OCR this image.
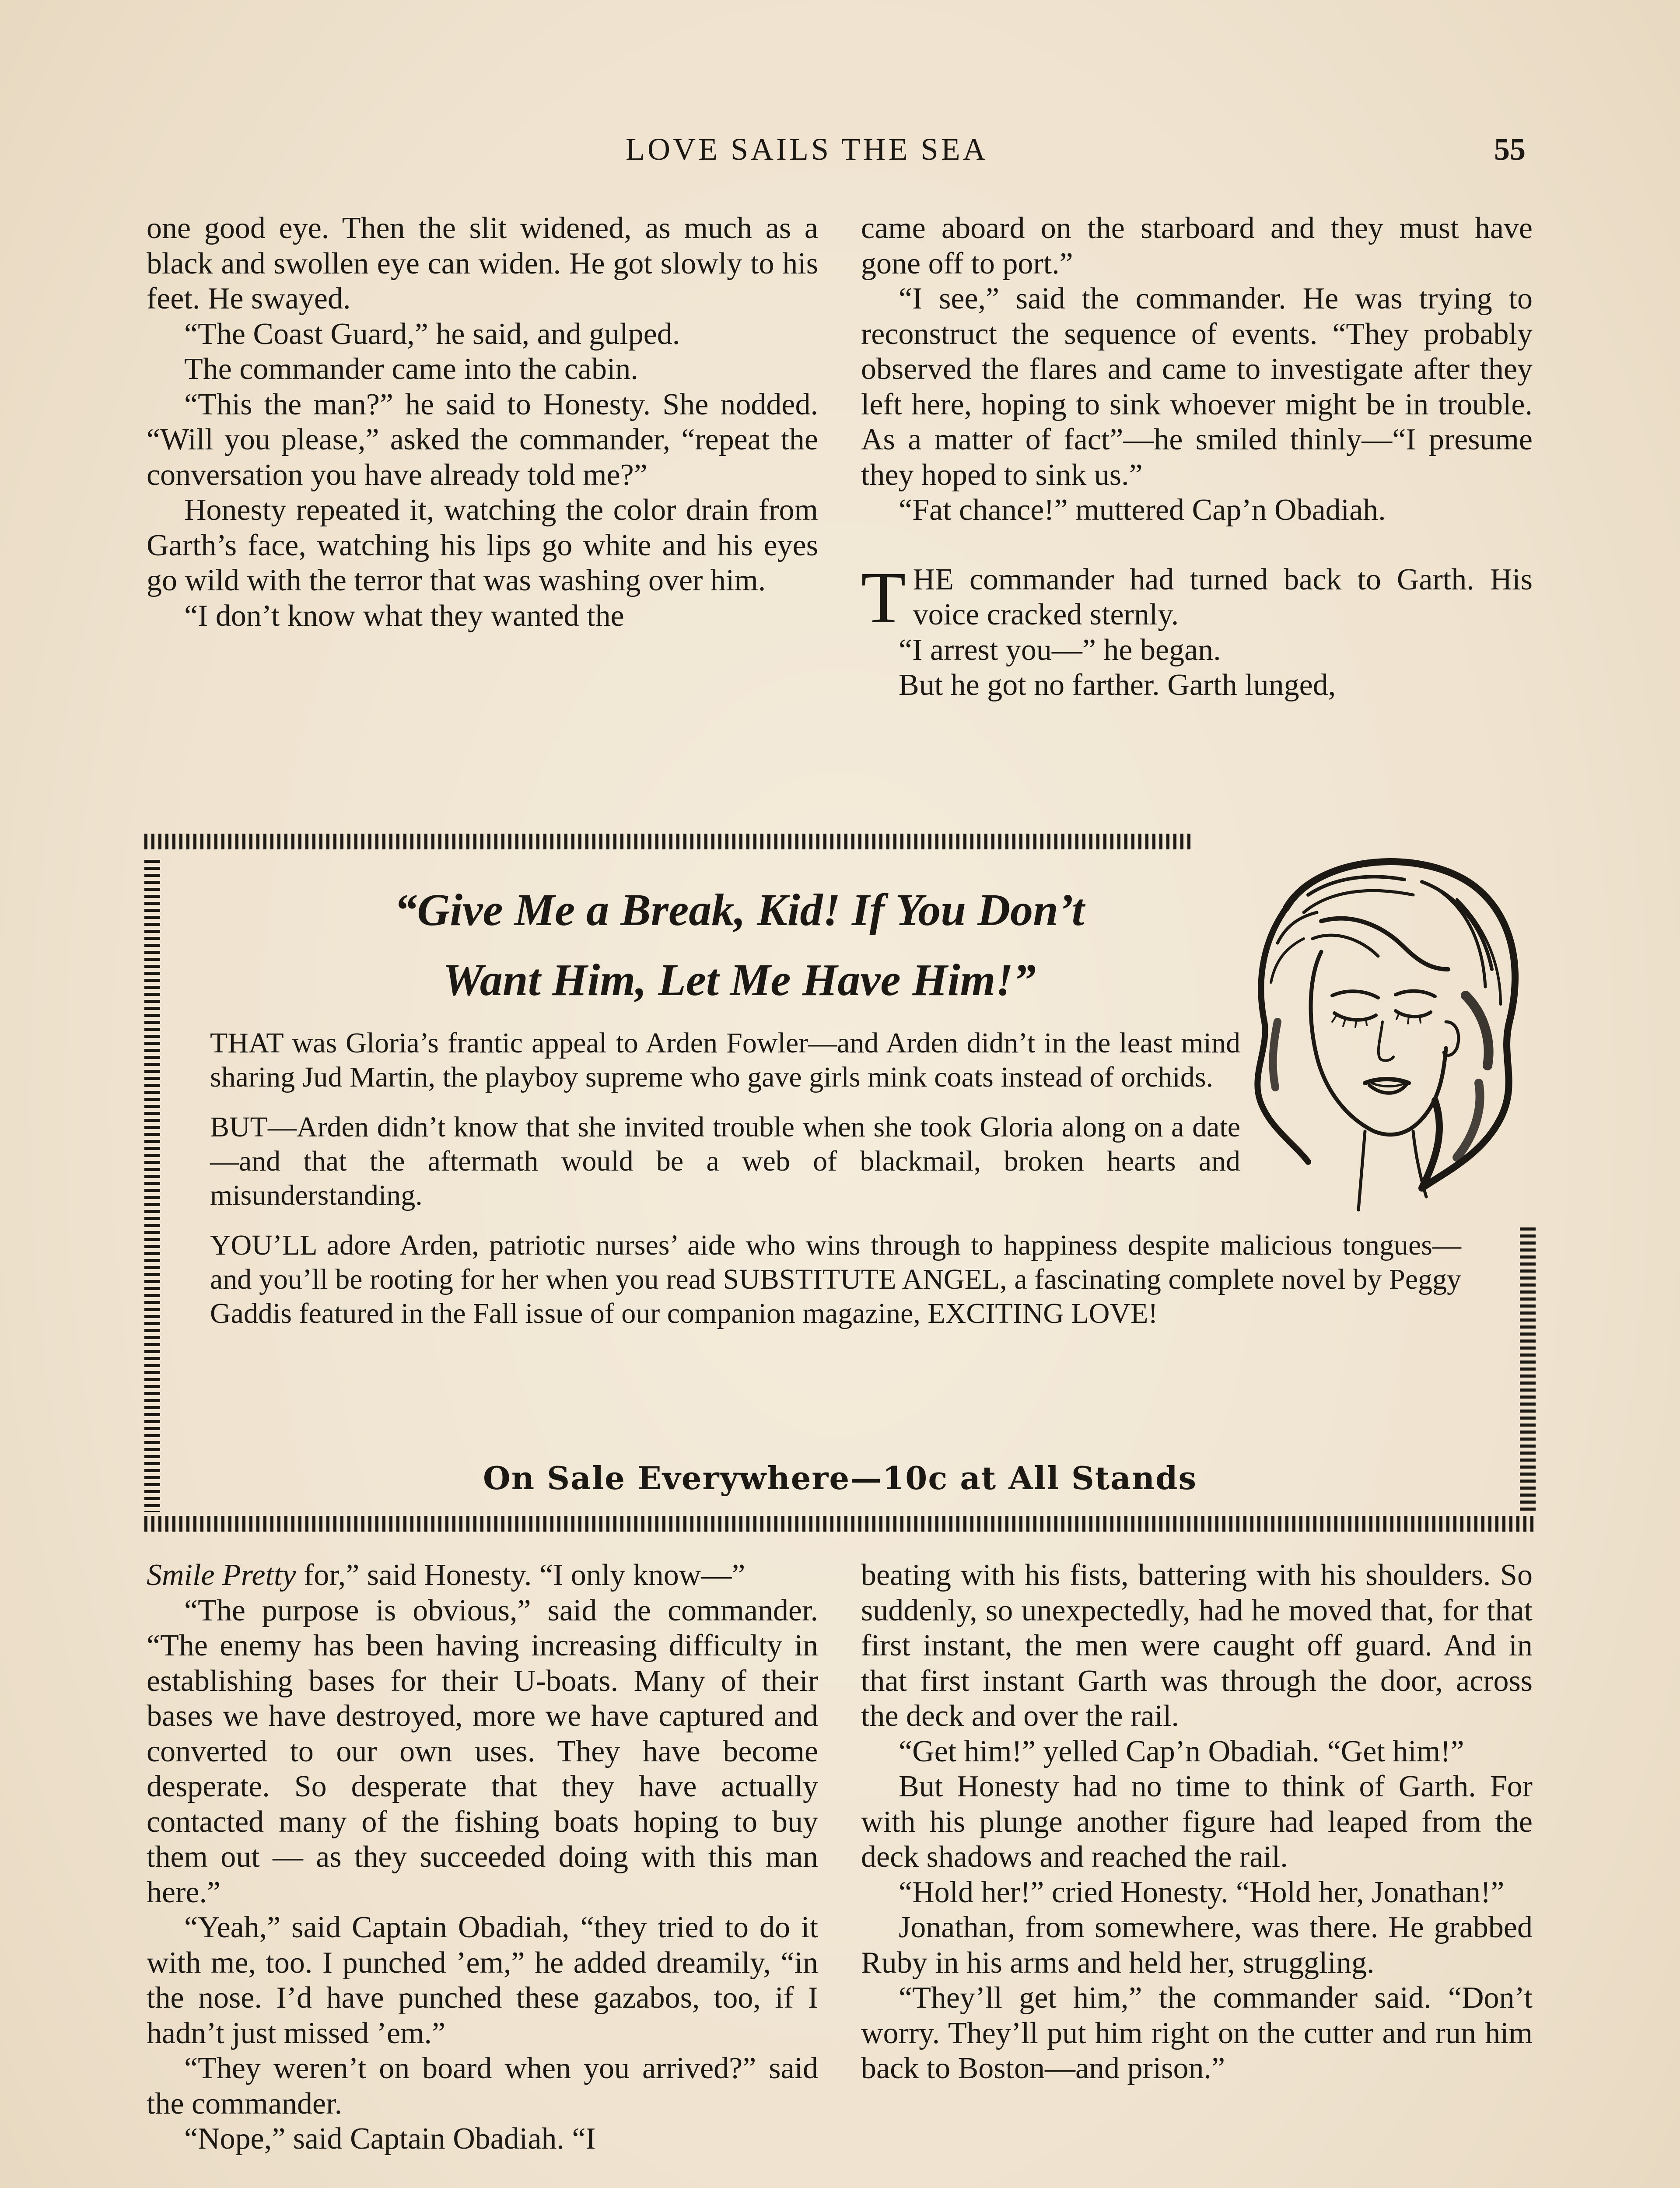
LOVE SAILS THE SEA	55

one good eye. Then the slit widened, as much as a black and swollen eye can widen. He got slowly to his feet. He swayed.

“The Coast Guard,” he said, and gulped.

The commander came into the cabin.

“This the man?” he said to Honesty. She nodded. “Will you please,” asked the commander, “repeat the conversation you have already told me?”

Honesty repeated it, watching the color drain from Garth’s face, watching his lips go white and his eyes go wild with the terror that was washing over him.

“I don’t know what they wanted the

came aboard on the starboard and they must have gone off to port.”

“I see,” said the commander. He was trying to reconstruct the sequence of events. “They probably observed the flares and came to investigate after they left here, hoping to sink whoever might be in trouble. As a matter of fact”—he smiled thinly—“I presume they hoped to sink us.”

“Fat chance!” muttered Cap’n Obadiah.

THE commander had turned back to Garth. His voice cracked sternly.

“I arrest you—” he began.

But he got no farther. Garth lunged,

“Give Me a Break, Kid! If You Don’t
Want Him, Let Me Have Him!”

THAT was Gloria’s frantic appeal to Arden Fowler—and Arden didn’t in the least mind sharing Jud Martin, the playboy supreme who gave girls mink coats instead of orchids.

BUT—Arden didn’t know that she invited trouble when she took Gloria along on a date—and that the aftermath would be a web of blackmail, broken hearts and misunderstanding.

YOU’LL adore Arden, patriotic nurses’ aide who wins through to happiness despite malicious tongues—and you’ll be rooting for her when you read SUBSTITUTE ANGEL, a fascinating complete novel by Peggy Gaddis featured in the Fall issue of our companion magazine, EXCITING LOVE!

On Sale Everywhere—10c at All Stands

Smile Pretty for,” said Honesty. “I only know—”

“The purpose is obvious,” said the commander. “The enemy has been having increasing difficulty in establishing bases for their U-boats. Many of their bases we have destroyed, more we have captured and converted to our own uses. They have become desperate. So desperate that they have actually contacted many of the fishing boats hoping to buy them out — as they succeeded doing with this man here.”

“Yeah,” said Captain Obadiah, “they tried to do it with me, too. I punched ’em,” he added dreamily, “in the nose. I’d have punched these gazabos, too, if I hadn’t just missed ’em.”

“They weren’t on board when you arrived?” said the commander.

“Nope,” said Captain Obadiah. “I

beating with his fists, battering with his shoulders. So suddenly, so unexpectedly, had he moved that, for that first instant, the men were caught off guard. And in that first instant Garth was through the door, across the deck and over the rail.

“Get him!” yelled Cap’n Obadiah. “Get him!”

But Honesty had no time to think of Garth. For with his plunge another figure had leaped from the deck shadows and reached the rail.

“Hold her!” cried Honesty. “Hold her, Jonathan!”

Jonathan, from somewhere, was there. He grabbed Ruby in his arms and held her, struggling.

“They’ll get him,” the commander said. “Don’t worry. They’ll put him right on the cutter and run him back to Boston—and prison.”
